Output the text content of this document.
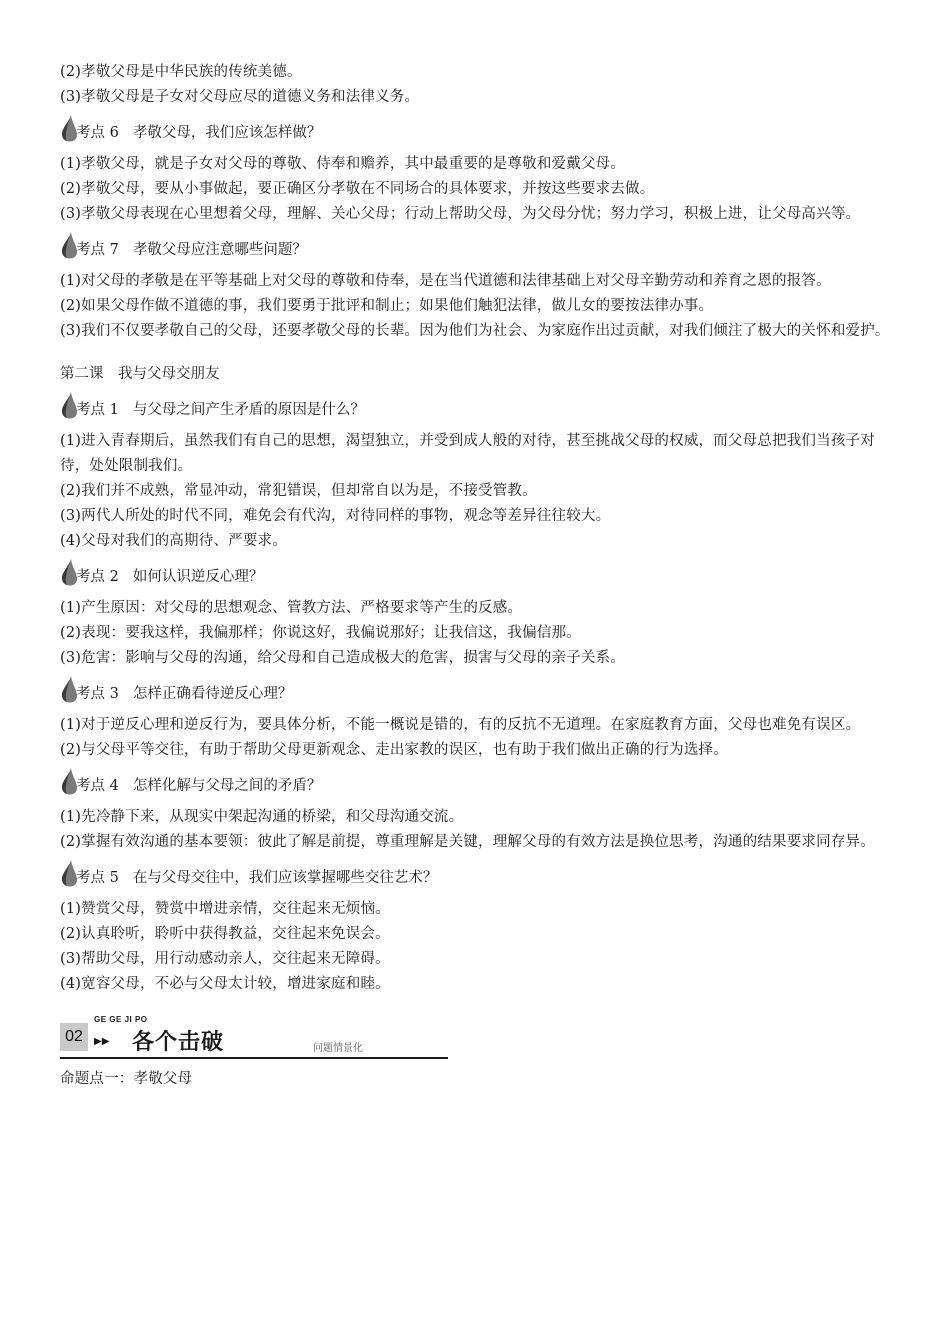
(2)孝敬父母是中华民族的传统美德。

(3)孝敬父母是子女对父母应尽的道德义务和法律义务。

考点 6 孝敬父母，我们应该怎样做？

(1)孝敬父母，就是子女对父母的尊敬、侍奉和赡养，其中最重要的是尊敬和爱戴父母。

(2)孝敬父母，要从小事做起，要正确区分孝敬在不同场合的具体要求，并按这些要求去做。

(3)孝敬父母表现在心里想着父母，理解、关心父母；行动上帮助父母，为父母分忧；努力学习，积极上进，让父母高兴等。

考点 7 孝敬父母应注意哪些问题？

(1)对父母的孝敬是在平等基础上对父母的尊敬和侍奉，是在当代道德和法律基础上对父母辛勤劳动和养育之恩的报答。

(2)如果父母作做不道德的事，我们要勇于批评和制止；如果他们触犯法律，做儿女的要按法律办事。

(3)我们不仅要孝敬自己的父母，还要孝敬父母的长辈。因为他们为社会、为家庭作出过贡献，对我们倾注了极大的关怀和爱护。

第二课　我与父母交朋友

考点 1 与父母之间产生矛盾的原因是什么？

(1)进入青春期后，虽然我们有自己的思想，渴望独立，并受到成人般的对待，甚至挑战父母的权威，而父母总把我们当孩子对待，处处限制我们。

(2)我们并不成熟，常显冲动，常犯错误，但却常自以为是，不接受管教。

(3)两代人所处的时代不同，难免会有代沟，对待同样的事物，观念等差异往往较大。

(4)父母对我们的高期待、严要求。

考点 2 如何认识逆反心理？

(1)产生原因：对父母的思想观念、管教方法、严格要求等产生的反感。

(2)表现：要我这样，我偏那样；你说这好，我偏说那好；让我信这，我偏信那。

(3)危害：影响与父母的沟通，给父母和自己造成极大的危害，损害与父母的亲子关系。

考点 3 怎样正确看待逆反心理？

(1)对于逆反心理和逆反行为，要具体分析，不能一概说是错的，有的反抗不无道理。在家庭教育方面，父母也难免有误区。

(2)与父母平等交往，有助于帮助父母更新观念、走出家教的误区，也有助于我们做出正确的行为选择。

考点 4 怎样化解与父母之间的矛盾？

(1)先冷静下来，从现实中架起沟通的桥梁，和父母沟通交流。

(2)掌握有效沟通的基本要领：彼此了解是前提，尊重理解是关键，理解父母的有效方法是换位思考，沟通的结果要求同存异。

考点 5 在与父母交往中，我们应该掌握哪些交往艺术？

(1)赞赏父母，赞赏中增进亲情，交往起来无烦恼。

(2)认真聆听，聆听中获得教益，交往起来免误会。

(3)帮助父母，用行动感动亲人，交往起来无障碍。

(4)宽容父母，不必与父母太计较，增进家庭和睦。

02
GE GE JI PO
▶▶ 各个击破	问题情景化

命题点一：孝敬父母
